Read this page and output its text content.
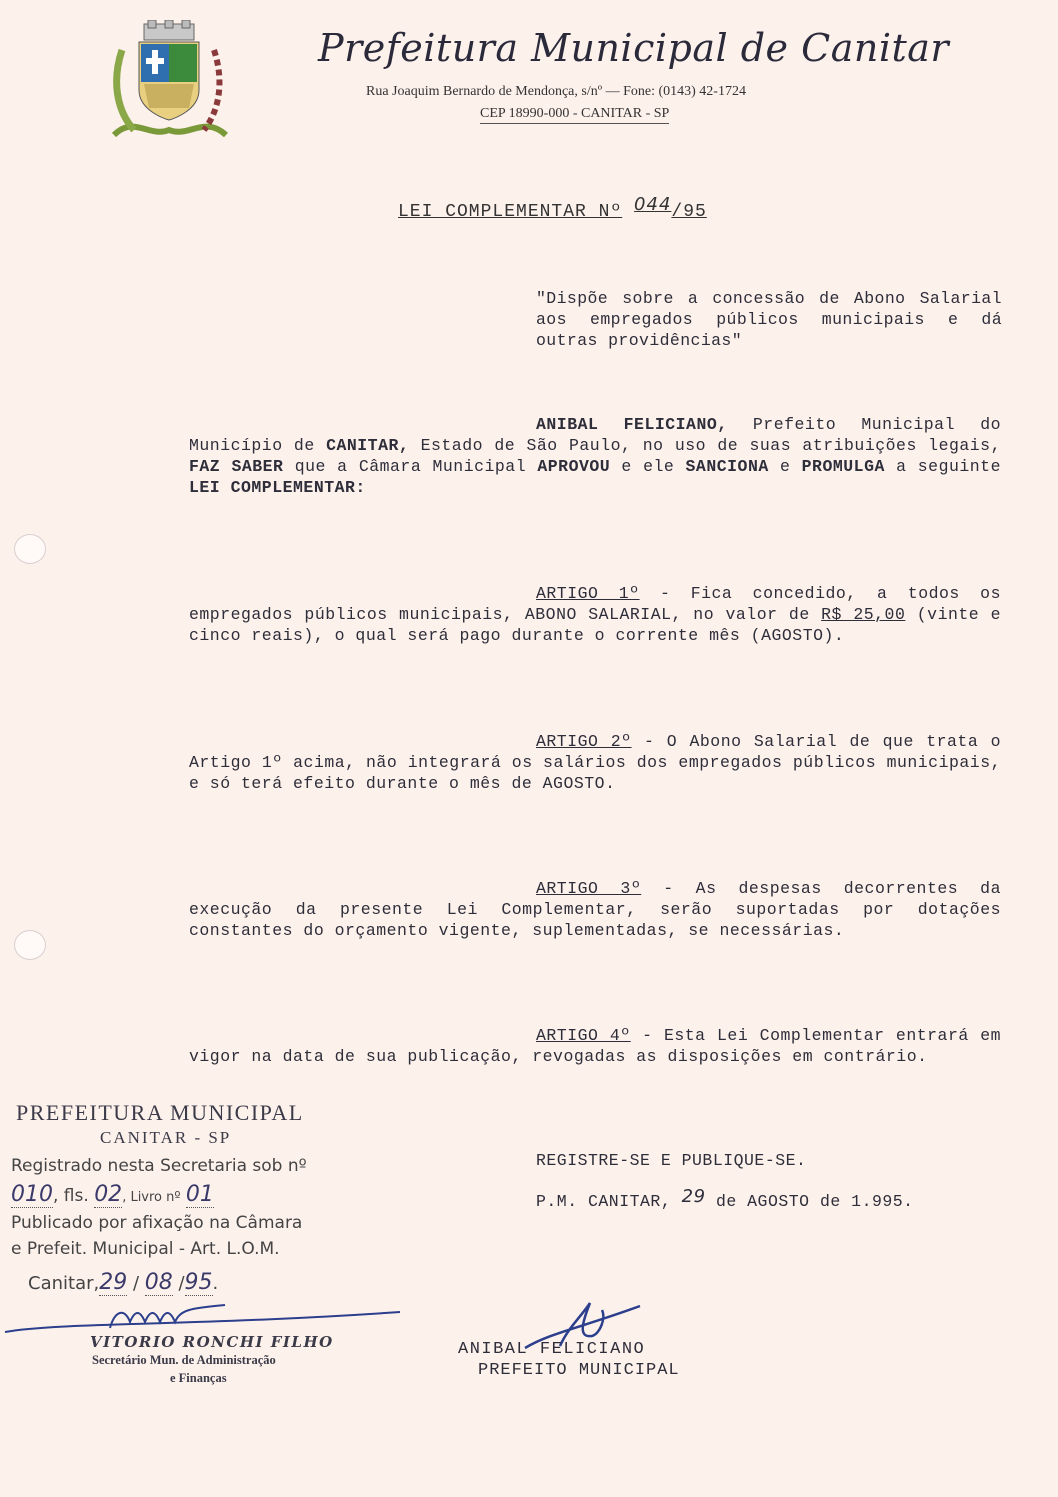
Prefeitura Municipal de Canitar
Rua Joaquim Bernardo de Mendonça, s/nº — Fone: (0143) 42-1724
CEP 18990-000 - CANITAR - SP
LEI COMPLEMENTAR Nº 044/95
"Dispõe sobre a concessão de Abono Salarial aos empregados públicos municipais e dá outras providências"
ANIBAL FELICIANO, Prefeito Municipal do Município de CANITAR, Estado de São Paulo, no uso de suas atribuições legais, FAZ SABER que a Câmara Municipal APROVOU e ele SANCIONA e PROMULGA a seguinte LEI COMPLEMENTAR:
ARTIGO 1º - Fica concedido, a todos os empregados públicos municipais, ABONO SALARIAL, no valor de R$ 25,00 (vinte e cinco reais), o qual será pago durante o corrente mês (AGOSTO).
ARTIGO 2º - O Abono Salarial de que trata o Artigo 1º acima, não integrará os salários dos empregados públicos municipais, e só terá efeito durante o mês de AGOSTO.
ARTIGO 3º - As despesas decorrentes da execução da presente Lei Complementar, serão suportadas por dotações constantes do orçamento vigente, suplementadas, se necessárias.
ARTIGO 4º - Esta Lei Complementar entrará em vigor na data de sua publicação, revogadas as disposições em contrário.
REGISTRE-SE E PUBLIQUE-SE.
P.M. CANITAR, 29 de AGOSTO de 1.995.
ANIBAL FELICIANO
PREFEITO MUNICIPAL
PREFEITURA MUNICIPAL
CANITAR - SP
Registrado nesta Secretaria sob nº
010, fls. 02, Livro nº 01
Publicado por afixação na Câmara
e Prefeit. Municipal - Art. L.O.M.
Canitar,29 / 08 /95.
VITORIO RONCHI FILHO
Secretário Mun. de Administração
e Finanças
